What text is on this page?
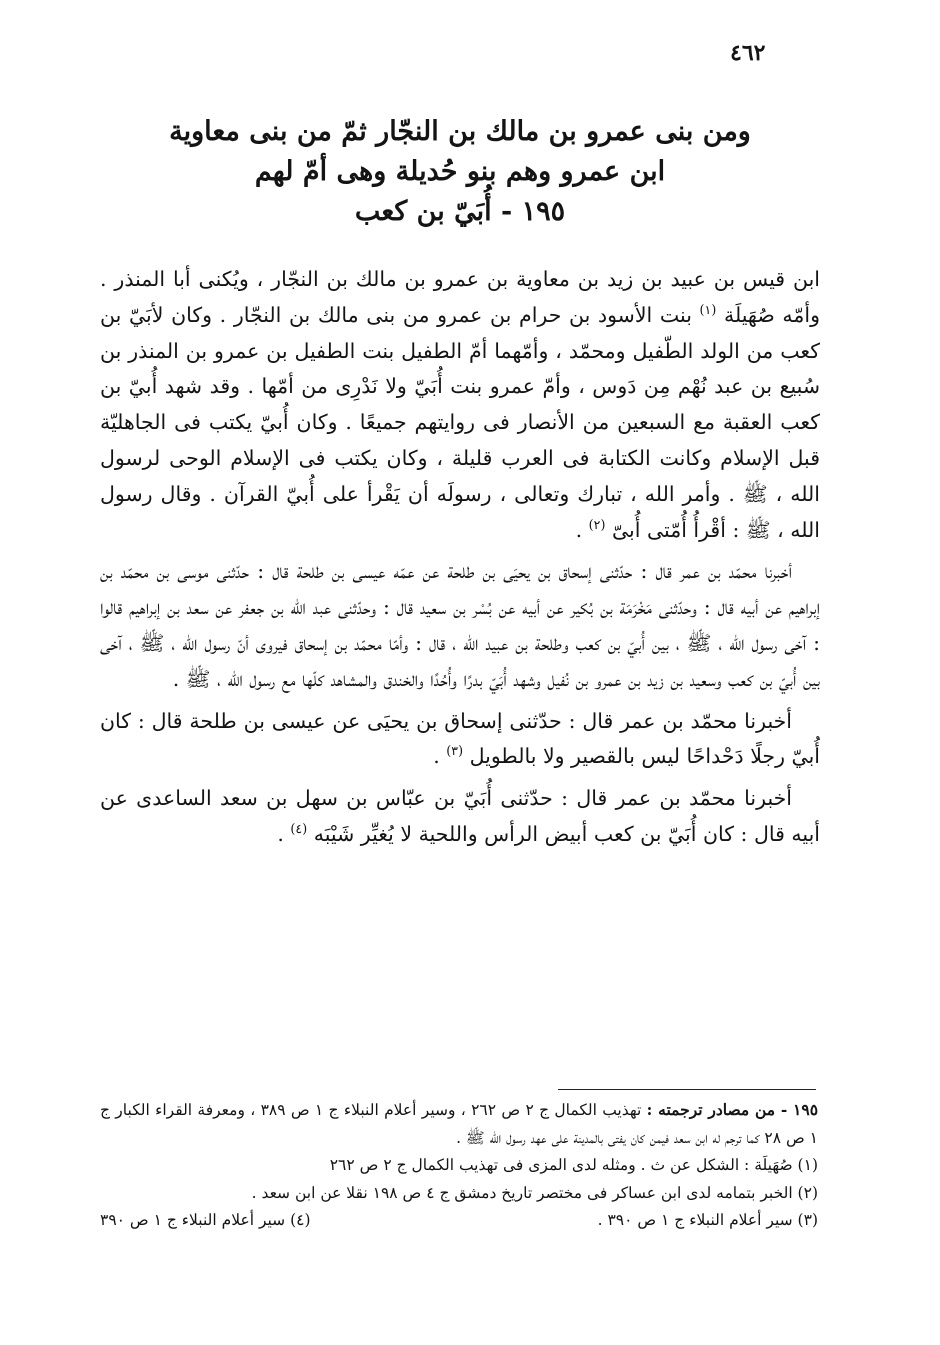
٤٦٢
ومن بنى عمرو بن مالك بن النجّار ثمّ من بنى معاوية
ابن عمرو وهم بنو حُديلة وهى أمّ لهم
١٩٥ - أُبَيّ بن كعب

ابن قيس بن عبيد بن زيد بن معاوية بن عمرو بن مالك بن النجّار ، ويُكنى أبا المنذر . وأمّه صُهَيلَة $^{(١)}$ بنت الأسود بن حرام بن عمرو من بنى مالك بن النجّار . وكان لأبَيّ بن كعب من الولد الطّفيل ومحمّد ، وأمّهما أمّ الطفيل بنت الطفيل بن عمرو بن المنذر بن سُبيع بن عبد نُهْم مِن دَوس ، وأمّ عمرو بنت أُبَيّ ولا نَدْرِى من أمّها . وقد شهد أُبيّ بن كعب العقبة مع السبعين من الأنصار فى روايتهم جميعًا . وكان أُبيّ يكتب فى الجاهليّة قبل الإسلام وكانت الكتابة فى العرب قليلة ، وكان يكتب فى الإسلام الوحى لرسول الله ، ﷺ . وأمر الله ، تبارك وتعالى ، رسولَه أن يَقْرأ على أُبيّ القرآن . وقال رسول الله ، ﷺ : أقْرأُ أُمّتى أُبىّ $^{(٢)}$ .

أخبرنا محمّد بن عمر قال : حدّثنى إسحاق بن يحيَى بن طلحة عن عمّه عيسى بن طلحة قال : حدّثنى موسى بن محمّد بن إبراهيم عن أبيه قال : وحدّثنى مَخْرَمَة بن بُكير عن أبيه عن بُسْر بن سعيد قال : وحدّثنى عبد الله بن جعفر عن سعد بن إبراهيم قالوا : آخى رسول الله ، ﷺ ، بين أُبيّ بن كعب وطلحة بن عبيد الله ، قال : وأمّا محمّد بن إسحاق فيروى أنّ رسول الله ، ﷺ ، آخى بين أُبيّ بن كعب وسعيد بن زيد بن عمرو بن نُفيل وشهد أُبَيّ بدرًا وأُحُدًا والخندق والمشاهد كلّها مع رسول الله ، ﷺ .

أخبرنا محمّد بن عمر قال : حدّثنى إسحاق بن يحيَى عن عيسى بن طلحة قال : كان أُبيّ رجلًا دَحْداحًا ليس بالقصير ولا بالطويل $^{(٣)}$ .

أخبرنا محمّد بن عمر قال : حدّثنى أُبَيّ بن عبّاس بن سهل بن سعد الساعدى عن أبيه قال : كان أُبَيّ بن كعب أبيض الرأس واللحية لا يُغيِّر شَيْبَه $^{(٤)}$ .

١٩٥ - من مصادر ترجمته : تهذيب الكمال ج ٢ ص ٢٦٢ ، وسير أعلام النبلاء ج ١ ص ٣٨٩ ، ومعرفة القراء الكبار ج ١ ص ٢٨ كما ترجم له ابن سعد فيمن كان يفتى بالمدينة على عهد رسول الله ﷺ .

(١) صُهَيلَة : الشكل عن ث . ومثله لدى المزى فى تهذيب الكمال ج ٢ ص ٢٦٢

(٢) الخبر بتمامه لدى ابن عساكر فى مختصر تاريخ دمشق ج ٤ ص ١٩٨ نقلا عن ابن سعد .

(٣) سير أعلام النبلاء ج ١ ص ٣٩٠ .
(٤) سير أعلام النبلاء ج ١ ص ٣٩٠
